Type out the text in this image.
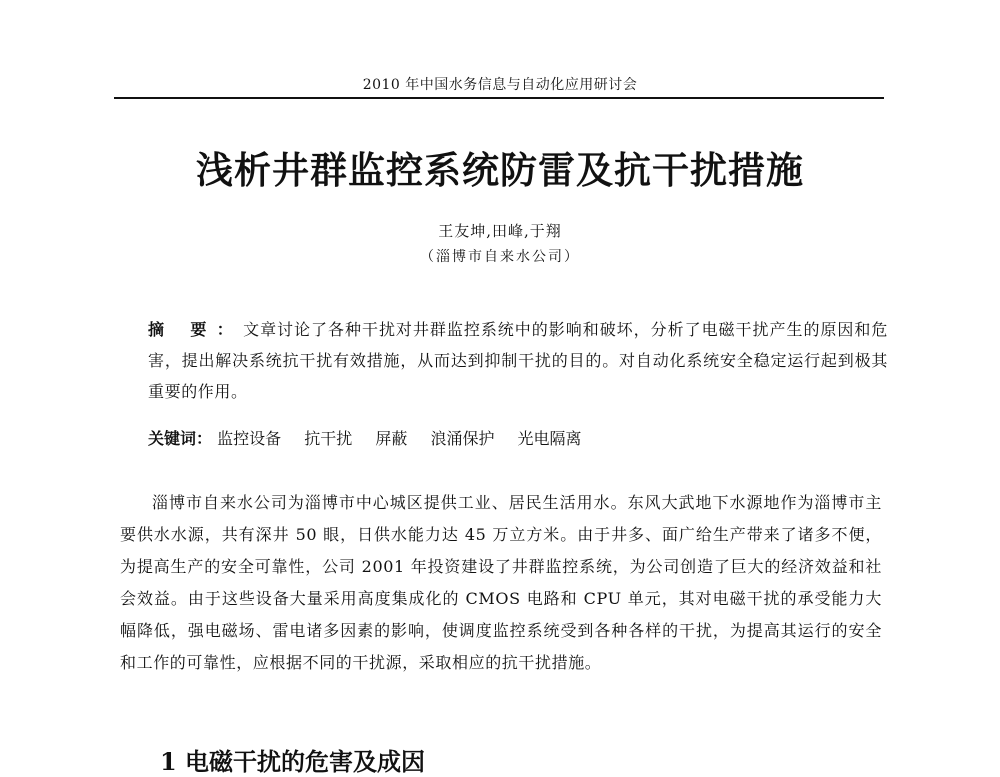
2010 年中国水务信息与自动化应用研讨会
浅析井群监控系统防雷及抗干扰措施
王友坤,田峰,于翔
（淄博市自来水公司）
摘 要：文章讨论了各种干扰对井群监控系统中的影响和破坏，分析了电磁干扰产生的原因和危害，提出解决系统抗干扰有效措施，从而达到抑制干扰的目的。对自动化系统安全稳定运行起到极其重要的作用。
关键词： 监控设备 抗干扰 屏蔽 浪涌保护 光电隔离

淄博市自来水公司为淄博市中心城区提供工业、居民生活用水。东风大武地下水源地作为淄博市主要供水水源，共有深井 50 眼，日供水能力达 45 万立方米。由于井多、面广给生产带来了诸多不便，为提高生产的安全可靠性，公司 2001 年投资建设了井群监控系统，为公司创造了巨大的经济效益和社会效益。由于这些设备大量采用高度集成化的 CMOS 电路和 CPU 单元，其对电磁干扰的承受能力大幅降低，强电磁场、雷电诸多因素的影响，使调度监控系统受到各种各样的干扰，为提高其运行的安全和工作的可靠性，应根据不同的干扰源，采取相应的抗干扰措施。

1 电磁干扰的危害及成因
